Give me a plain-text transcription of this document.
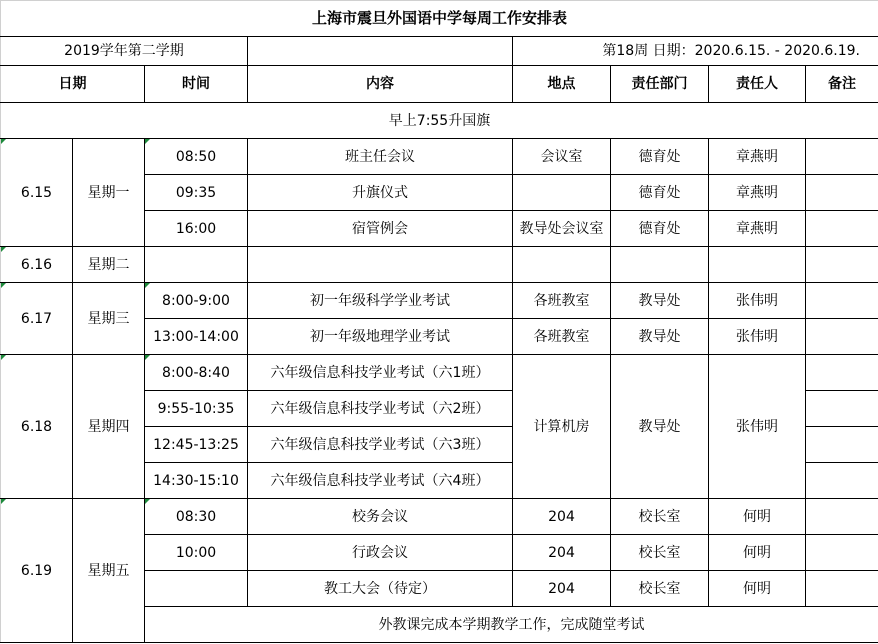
上海市震旦外国语中学每周工作安排表							
2019学年第二学期				第18周 日期：2020.6.15. - 2020.6.19.			
日期		时间	内容	地点	责任部门	责任人	备注
早上7:55升国旗							
6.15	星期一	08:50	班主任会议	会议室	德育处	章燕明	
		09:35	升旗仪式		德育处	章燕明	
		16:00	宿管例会	教导处会议室	德育处	章燕明	
6.16	星期二						
6.17	星期三	8:00-9:00	初一年级科学学业考试	各班教室	教导处	张伟明	
		13:00-14:00	初一年级地理学业考试	各班教室	教导处	张伟明	
6.18	星期四	8:00-8:40	六年级信息科技学业考试（六1班）	计算机房	教导处	张伟明	
		9:55-10:35	六年级信息科技学业考试（六2班）				
		12:45-13:25	六年级信息科技学业考试（六3班）				
		14:30-15:10	六年级信息科技学业考试（六4班）				
6.19	星期五	08:30	校务会议	204	校长室	何明	
		10:00	行政会议	204	校长室	何明	
			教工大会（待定）	204	校长室	何明	
		外教课完成本学期教学工作，完成随堂考试					
